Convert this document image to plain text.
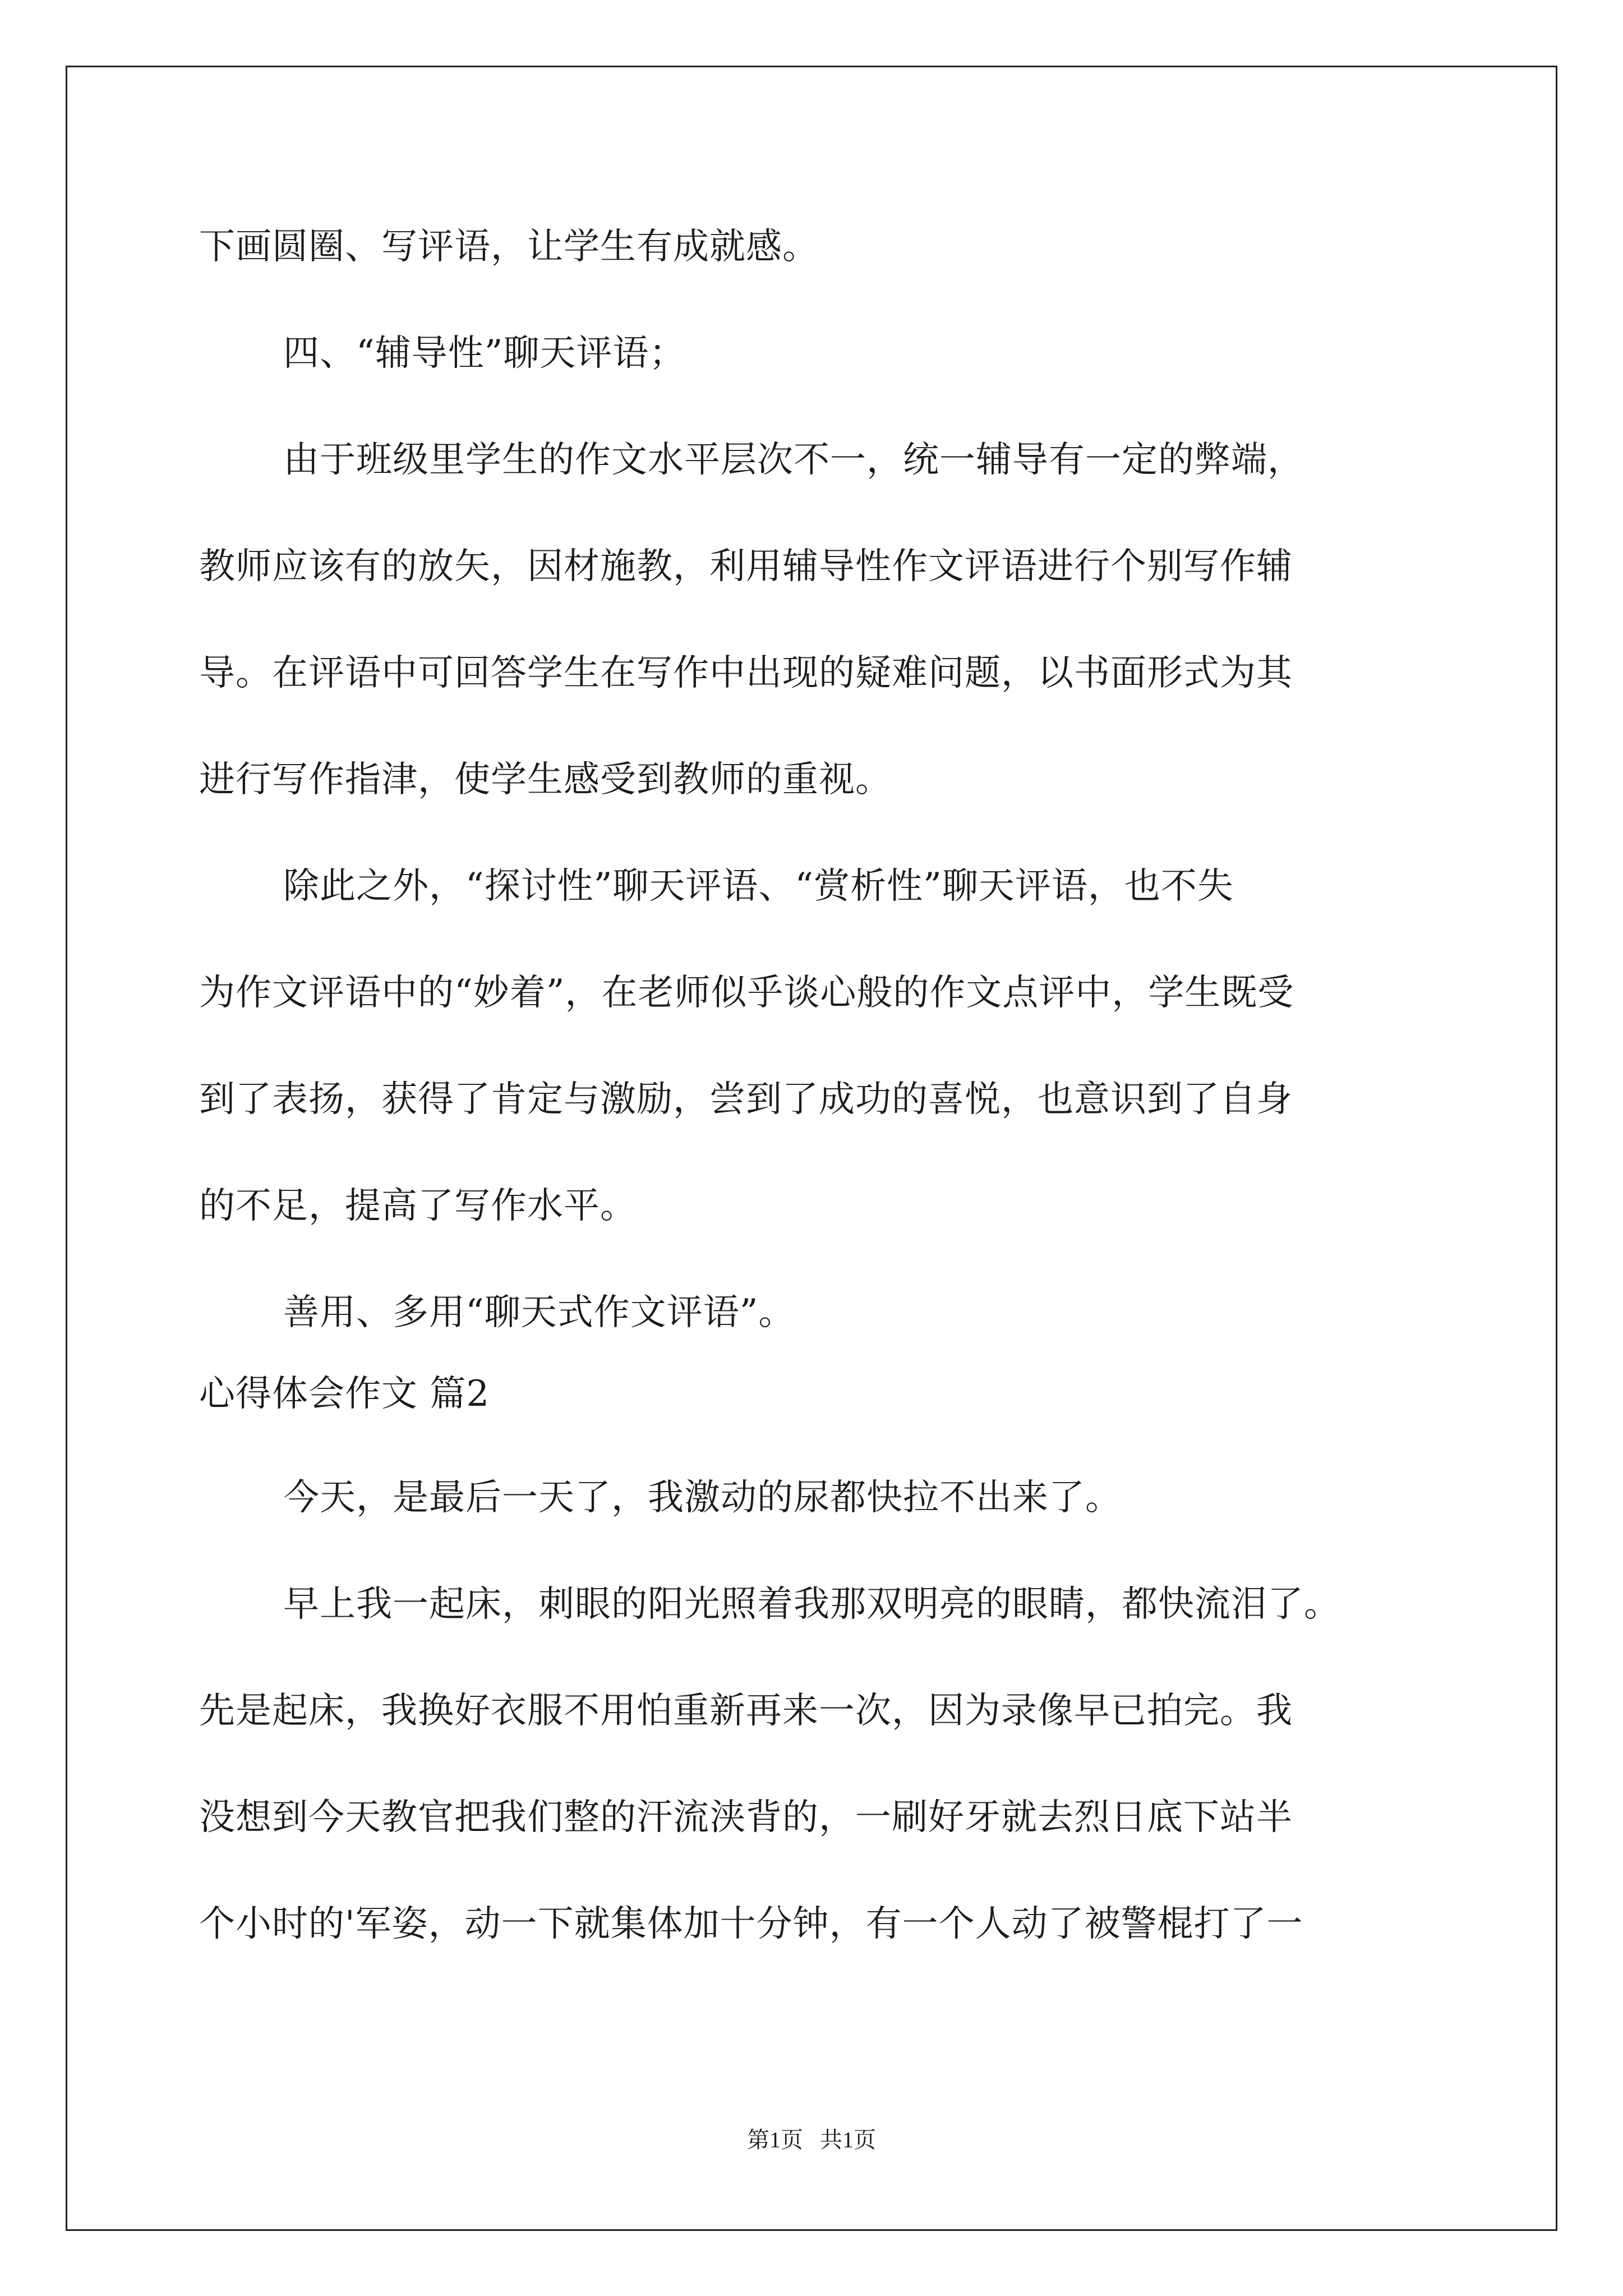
下画圆圈、写评语，让学生有成就感。
四、“辅导性”聊天评语；
由于班级里学生的作文水平层次不一，统一辅导有一定的弊端，
教师应该有的放矢，因材施教，利用辅导性作文评语进行个别写作辅
导。在评语中可回答学生在写作中出现的疑难问题，以书面形式为其
进行写作指津，使学生感受到教师的重视。
除此之外，“探讨性”聊天评语、“赏析性”聊天评语，也不失
为作文评语中的“妙着”，在老师似乎谈心般的作文点评中，学生既受
到了表扬，获得了肯定与激励，尝到了成功的喜悦，也意识到了自身
的不足，提高了写作水平。
善用、多用“聊天式作文评语”。
心得体会作文 篇2
今天，是最后一天了，我激动的尿都快拉不出来了。
早上我一起床，刺眼的阳光照着我那双明亮的眼睛，都快流泪了。
先是起床，我换好衣服不用怕重新再来一次，因为录像早已拍完。我
没想到今天教官把我们整的汗流浃背的，一刷好牙就去烈日底下站半
个小时的'军姿，动一下就集体加十分钟，有一个人动了被警棍打了一
第1页   共1页
